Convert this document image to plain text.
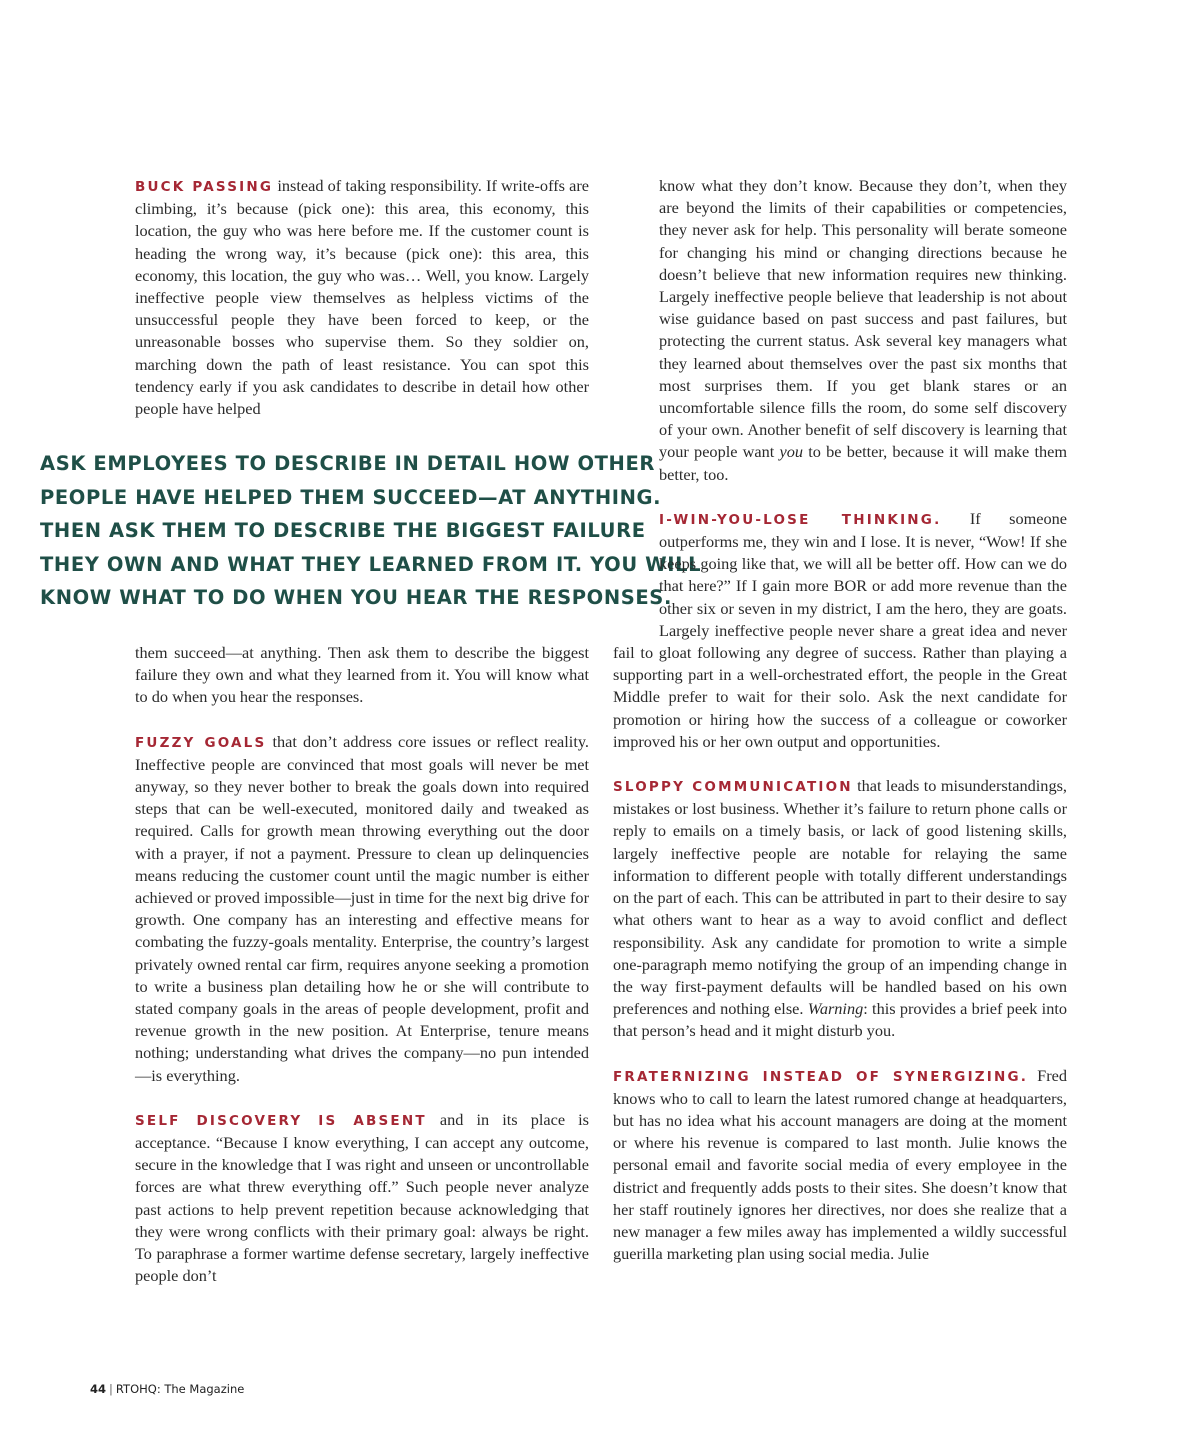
BUCK PASSING instead of taking responsibility. If write-offs are climbing, it’s because (pick one): this area, this economy, this location, the guy who was here before me. If the customer count is heading the wrong way, it’s because (pick one): this area, this economy, this location, the guy who was… Well, you know. Largely ineffective people view themselves as helpless victims of the unsuccessful people they have been forced to keep, or the unreasonable bosses who supervise them. So they soldier on, marching down the path of least resistance. You can spot this tendency early if you ask candidates to describe in detail how other people have helped

ASK EMPLOYEES TO DESCRIBE IN DETAIL HOW OTHER
PEOPLE HAVE HELPED THEM SUCCEED—AT ANYTHING.
THEN ASK THEM TO DESCRIBE THE BIGGEST FAILURE
THEY OWN AND WHAT THEY LEARNED FROM IT. YOU WILL
KNOW WHAT TO DO WHEN YOU HEAR THE RESPONSES.

them succeed—at anything. Then ask them to describe the biggest failure they own and what they learned from it. You will know what to do when you hear the responses.

FUZZY GOALS that don’t address core issues or reflect reality. Ineffective people are convinced that most goals will never be met anyway, so they never bother to break the goals down into required steps that can be well-executed, monitored daily and tweaked as required. Calls for growth mean throwing everything out the door with a prayer, if not a payment. Pressure to clean up delinquencies means reducing the customer count until the magic number is either achieved or proved impossible—just in time for the next big drive for growth. One company has an interesting and effective means for combating the fuzzy-goals mentality. Enterprise, the country’s largest privately owned rental car firm, requires anyone seeking a promotion to write a business plan detailing how he or she will contribute to stated company goals in the areas of people development, profit and revenue growth in the new position. At Enterprise, tenure means nothing; understanding what drives the company—no pun intended—is everything.

SELF DISCOVERY IS ABSENT and in its place is acceptance. “Because I know everything, I can accept any outcome, secure in the knowledge that I was right and unseen or uncontrollable forces are what threw everything off.” Such people never analyze past actions to help prevent repetition because acknowledging that they were wrong conflicts with their primary goal: always be right. To paraphrase a former wartime defense secretary, largely ineffective people don’t

know what they don’t know. Because they don’t, when they are beyond the limits of their capabilities or competencies, they never ask for help. This personality will berate someone for changing his mind or changing directions because he doesn’t believe that new information requires new thinking. Largely ineffective people believe that leadership is not about wise guidance based on past success and past failures, but protecting the current status. Ask several key managers what they learned about themselves over the past six months that most surprises them. If you get blank stares or an uncomfortable silence fills the room, do some self discovery of your own. Another benefit of self discovery is learning that your people want you to be better, because it will make them better, too.

I-WIN-YOU-LOSE THINKING. If someone outperforms me, they win and I lose. It is never, “Wow! If she keeps going like that, we will all be better off. How can we do that here?” If I gain more BOR or add more revenue than the other six or seven in my district, I am the hero, they are goats. Largely ineffective people never share a great idea and never fail to gloat following any degree of success. Rather than playing a supporting part in a well-orchestrated effort, the people in the Great Middle prefer to wait for their solo. Ask the next candidate for promotion or hiring how the success of a colleague or coworker improved his or her own output and opportunities.

SLOPPY COMMUNICATION that leads to misunderstandings, mistakes or lost business. Whether it’s failure to return phone calls or reply to emails on a timely basis, or lack of good listening skills, largely ineffective people are notable for relaying the same information to different people with totally different understandings on the part of each. This can be attributed in part to their desire to say what others want to hear as a way to avoid conflict and deflect responsibility. Ask any candidate for promotion to write a simple one-paragraph memo notifying the group of an impending change in the way first-payment defaults will be handled based on his own preferences and nothing else. Warning: this provides a brief peek into that person’s head and it might disturb you.

FRATERNIZING INSTEAD OF SYNERGIZING. Fred knows who to call to learn the latest rumored change at headquarters, but has no idea what his account managers are doing at the moment or where his revenue is compared to last month. Julie knows the personal email and favorite social media of every employee in the district and frequently adds posts to their sites. She doesn’t know that her staff routinely ignores her directives, nor does she realize that a new manager a few miles away has implemented a wildly successful guerilla marketing plan using social media. Julie

44 | RTOHQ: The Magazine
